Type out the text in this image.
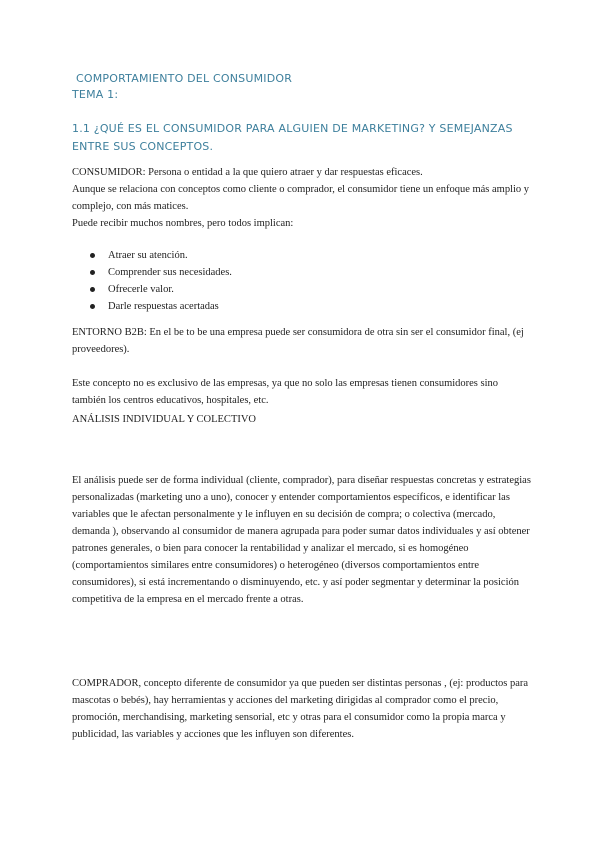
COMPORTAMIENTO DEL CONSUMIDOR
TEMA 1:
1.1 ¿QUÉ ES EL CONSUMIDOR PARA ALGUIEN DE MARKETING? Y SEMEJANZAS ENTRE SUS CONCEPTOS.

CONSUMIDOR: Persona o entidad a la que quiero atraer y dar respuestas eficaces.

Aunque se relaciona con conceptos como cliente o comprador, el consumidor tiene un enfoque más amplio y complejo, con más matices.

Puede recibir muchos nombres, pero todos implican:

Atraer su atención.
Comprender sus necesidades.
Ofrecerle valor.
Darle respuestas acertadas

ENTORNO B2B: En el be to be una empresa puede ser consumidora de otra sin ser el consumidor final, (ej proveedores).

Este concepto no es exclusivo de las empresas, ya que no solo las empresas tienen consumidores sino también los centros educativos, hospitales, etc.

ANÁLISIS INDIVIDUAL Y COLECTIVO

El análisis puede ser de forma individual (cliente, comprador), para diseñar respuestas concretas y estrategias personalizadas (marketing uno a uno), conocer y entender comportamientos específicos, e identificar las variables que le afectan personalmente y le influyen en su decisión de compra; o colectiva (mercado, demanda ), observando al consumidor de manera agrupada para poder sumar datos individuales y así obtener patrones generales, o bien para conocer la rentabilidad y analizar el mercado, si es homogéneo (comportamientos similares entre consumidores) o heterogéneo (diversos comportamientos entre consumidores), si está incrementando o disminuyendo, etc. y así poder segmentar y determinar la posición competitiva de la empresa en el mercado frente a otras.

COMPRADOR, concepto diferente de consumidor ya que pueden ser distintas personas , (ej: productos para mascotas o bebés), hay herramientas y acciones del marketing dirigidas al comprador como el precio, promoción, merchandising, marketing sensorial, etc y otras para el consumidor como la propia marca y publicidad, las variables y acciones que les influyen son diferentes.
